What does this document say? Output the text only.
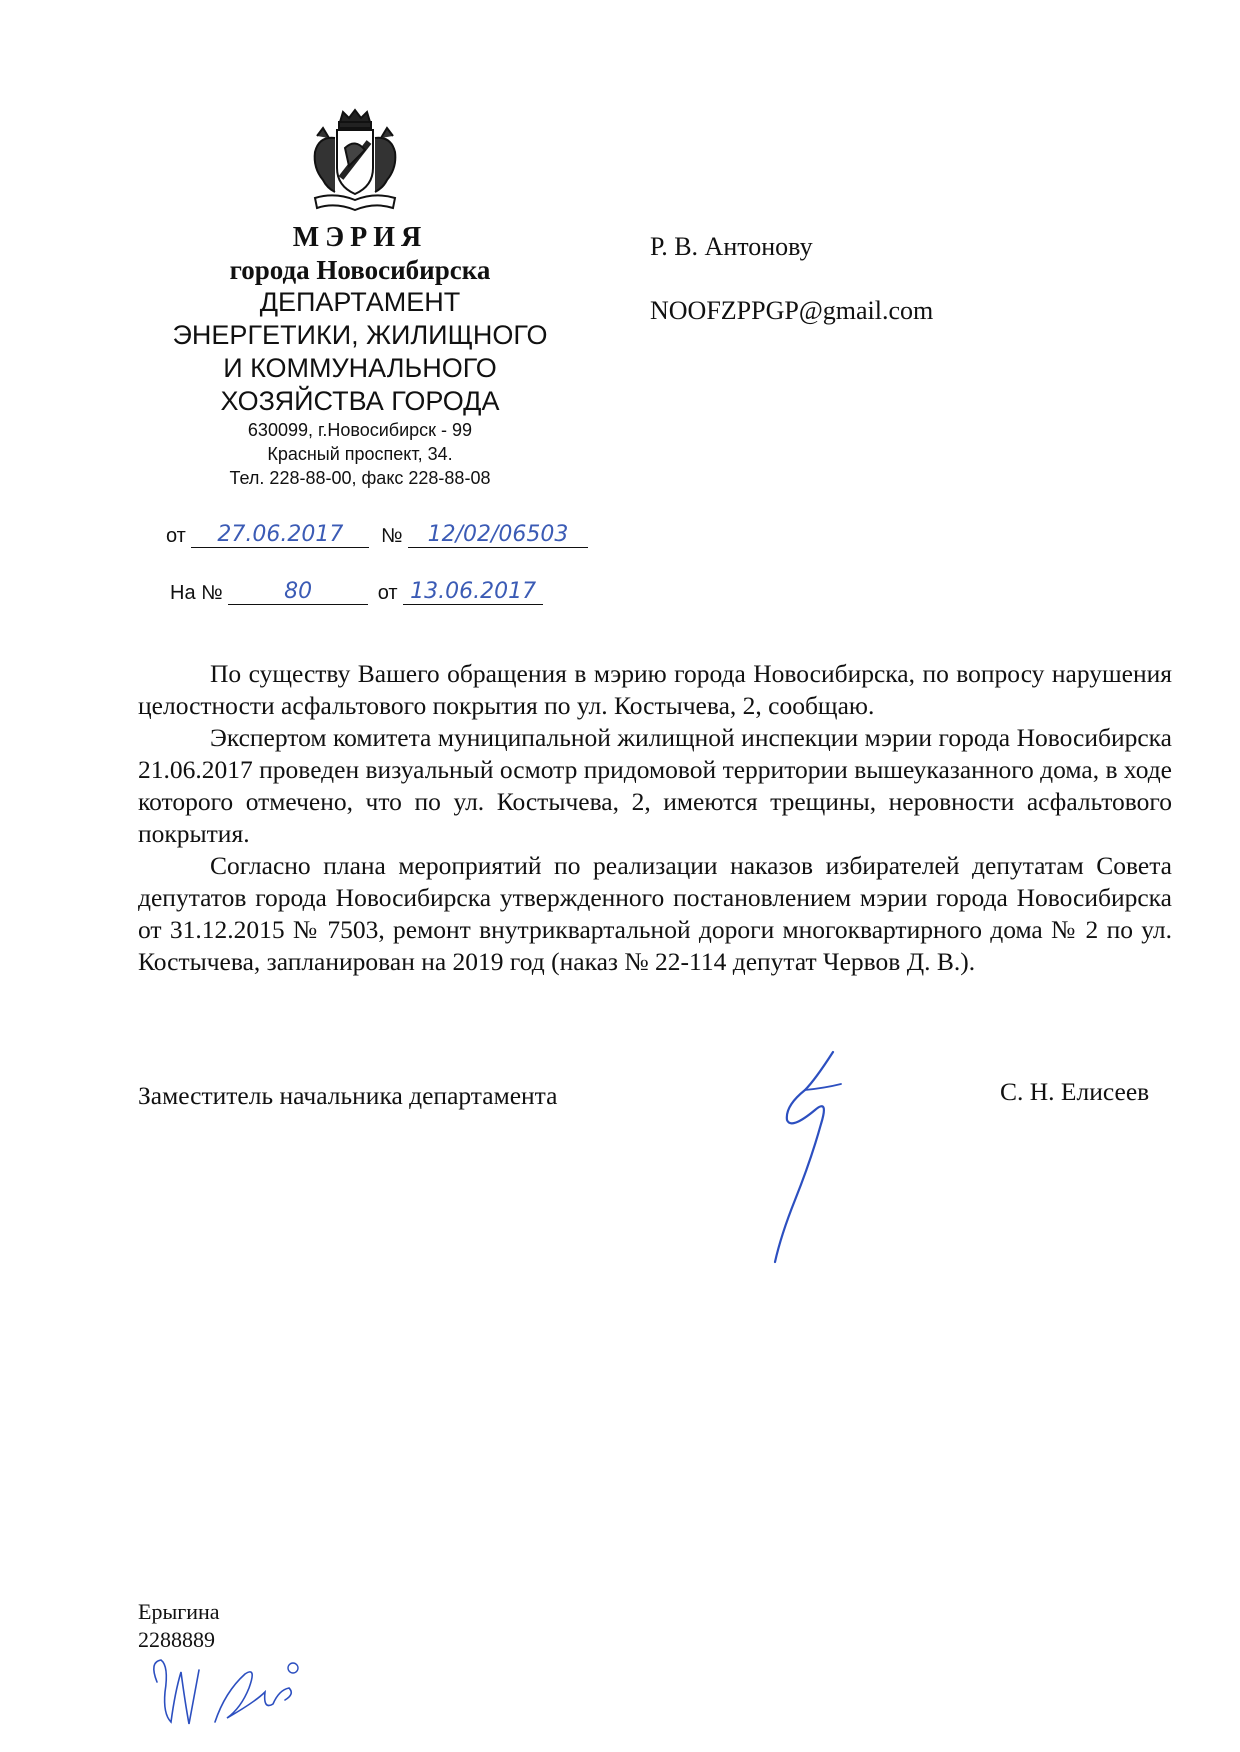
МЭРИЯ
города Новосибирска
ДЕПАРТАМЕНТ
ЭНЕРГЕТИКИ, ЖИЛИЩНОГО
И КОММУНАЛЬНОГО
ХОЗЯЙСТВА ГОРОДА
630099, г.Новосибирск - 99
Красный проспект, 34.
Тел. 228-88-00, факс 228-88-08
от	27.06.2017	№	12/02/06503
На №	80	от 13.06.2017
Р. В. Антонову
NOOFZPPGP@gmail.com

По существу Вашего обращения в мэрию города Новосибирска, по вопросу нарушения целостности асфальтового покрытия по ул. Костычева, 2, сообщаю.

Экспертом комитета муниципальной жилищной инспекции мэрии города Новосибирска 21.06.2017 проведен визуальный осмотр придомовой территории вышеуказанного дома, в ходе которого отмечено, что по ул. Костычева, 2, имеются трещины, неровности асфальтового покрытия.

Согласно плана мероприятий по реализации наказов избирателей депутатам Совета депутатов города Новосибирска утвержденного постановлением мэрии города Новосибирска от 31.12.2015 № 7503, ремонт внутриквартальной дороги многоквартирного дома № 2 по ул. Костычева, запланирован на 2019 год (наказ № 22-114 депутат Червов Д. В.).

Заместитель начальника департамента	С. Н. Елисеев
Ерыгина
2288889
